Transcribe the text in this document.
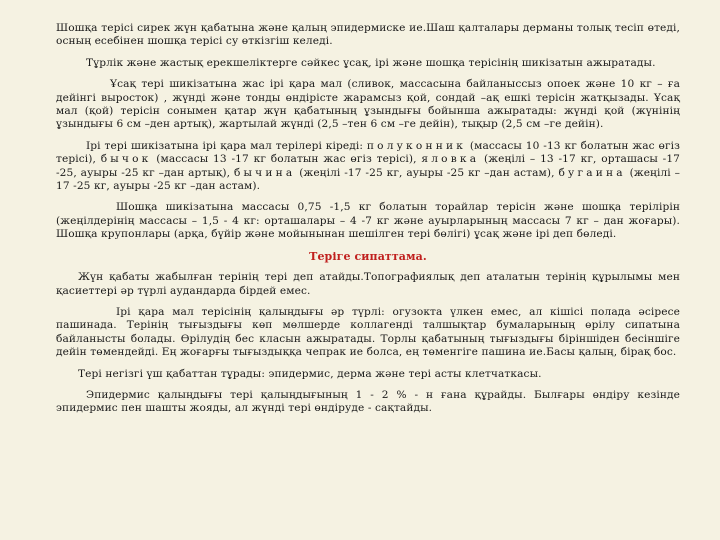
Шошқа терісі сирек жүн қабатына және қалың эпидермиске ие.Шаш қалталары дерманы толық тесіп өтеді, осның есебінен шошқа терісі су өткізгіш келеді.

Тұрлік және жастық ерекшеліктерге сәйкес ұсақ, ірі және шошқа терісінің шикізатын ажыратады.

Ұсақ тері шикізатына жас ірі қара мал (сливок, массасына байланыссыз опоек және 10 кг – ға дейінгі выросток) , жүнді және тонды өндірісте жарамсыз қой, сондай –ақ ешкі терісін жатқызады. Ұсақ мал (қой) терісін сонымен қатар жүн қабатының ұзындығы бойынша ажыратады: жүнді қой (жүнінің ұзындығы 6 см –ден артық), жартылай жүнді (2,5 –тен 6 см –ге дейін), тықыр (2,5 см –ге дейін).

Ірі тері шикізатына ірі қара мал терілері кіреді: полуконник (массасы 10 -13 кг болатын жас өгіз терісі), бычок (массасы 13 -17 кг болатын жас өгіз терісі), яловка (жеңілі – 13 -17 кг, орташасы -17 -25, ауыры -25 кг –дан артық), бычина (жеңілі -17 -25 кг, ауыры -25 кг –дан астам), бугаина (жеңілі – 17 -25 кг, ауыры -25 кг –дан астам).

Шошқа шикізатына массасы 0,75 -1,5 кг болатын торайлар терісін және шошқа терілірін (жеңілдерінің массасы – 1,5 - 4 кг: орташалары – 4 -7 кг және ауырларының массасы 7 кг – дан жоғары). Шошқа крупонлары (арқа, бүйір және мойынынан шешілген тері бөлігі) ұсақ және ірі деп бөледі.

Теріге сипаттама.

Жүн қабаты жабылған терінің тері деп атайды.Топографиялық деп аталатын терінің құрылымы мен қасиеттері әр түрлі аудандарда бірдей емес.

Ірі қара мал терісінің қалыңдығы әр түрлі: огузокта үлкен емес, ал кішісі полада әсіресе пашинада. Терінің тығыздығы көп мөлшерде коллагенді талшықтар бумаларының өрілу сипатына байланысты болады. Өрілудің бес класын ажыратады. Торлы қабатының тығыздығы біріншіден бесіншіге дейін төмендейді. Ең жоғарғы тығыздыққа чепрак ие болса, ең төменгіге пашина ие.Басы қалың, бірақ бос.

Тері негізгі үш қабаттан тұрады: эпидермис, дерма және тері асты клетчаткасы.

Эпидермис қалыңдығы тері қалыңдығының 1 - 2 % - н ғана құрайды. Былғары өндіру кезінде эпидермис пен шашты жояды, ал жүнді тері өндіруде - сақтайды.
